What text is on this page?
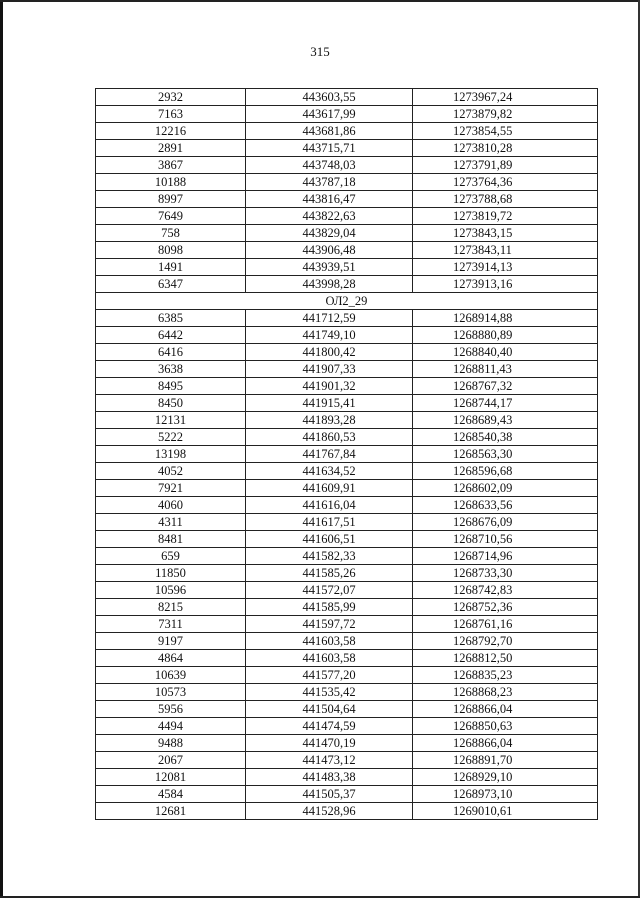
315
2932	443603,55	1273967,24
7163	443617,99	1273879,82
12216	443681,86	1273854,55
2891	443715,71	1273810,28
3867	443748,03	1273791,89
10188	443787,18	1273764,36
8997	443816,47	1273788,68
7649	443822,63	1273819,72
758	443829,04	1273843,15
8098	443906,48	1273843,11
1491	443939,51	1273914,13
6347	443998,28	1273913,16
ОЛ2_29		
6385	441712,59	1268914,88
6442	441749,10	1268880,89
6416	441800,42	1268840,40
3638	441907,33	1268811,43
8495	441901,32	1268767,32
8450	441915,41	1268744,17
12131	441893,28	1268689,43
5222	441860,53	1268540,38
13198	441767,84	1268563,30
4052	441634,52	1268596,68
7921	441609,91	1268602,09
4060	441616,04	1268633,56
4311	441617,51	1268676,09
8481	441606,51	1268710,56
659	441582,33	1268714,96
11850	441585,26	1268733,30
10596	441572,07	1268742,83
8215	441585,99	1268752,36
7311	441597,72	1268761,16
9197	441603,58	1268792,70
4864	441603,58	1268812,50
10639	441577,20	1268835,23
10573	441535,42	1268868,23
5956	441504,64	1268866,04
4494	441474,59	1268850,63
9488	441470,19	1268866,04
2067	441473,12	1268891,70
12081	441483,38	1268929,10
4584	441505,37	1268973,10
12681	441528,96	1269010,61
